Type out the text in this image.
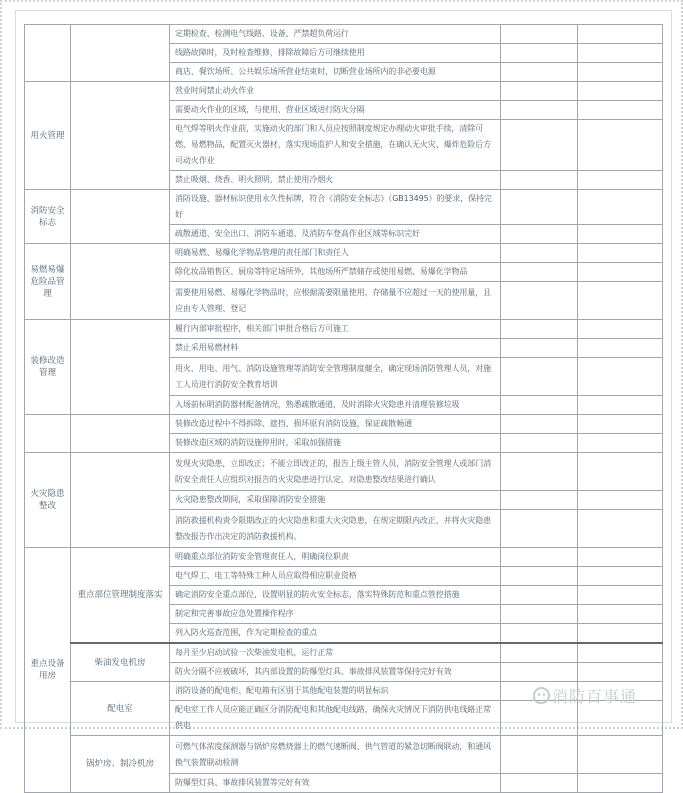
		定期检查、检测电气线路、设备，严禁超负荷运行		
		线路故障时，及时检查维修，排除故障后方可继续使用		
		商店、餐饮场所、公共娱乐场所营业结束时，切断营业场所内的非必要电源		
用火管理		营业时间禁止动火作业		
		需要动火作业的区域，与使用、营业区域进行防火分隔		
		电气焊等明火作业前，实施动火的部门和人员应按照制度规定办理动火审批手续，清除可燃、易燃物品，配置灭火器材，落实现场监护人和安全措施，在确认无火灾、爆炸危险后方可动火作业		
		禁止吸烟、烧香、明火照明，禁止使用冷烟火		
消防安全标志		消防设施、器材标识使用永久性标牌，符合《消防安全标志》（GB13495）的要求，保持完好		
		疏散通道、安全出口、消防车通道、及消防车登高作业区域等标识完好		
易燃易爆危险品管理		明确易燃、易爆化学物品管理的责任部门和责任人		
		除化妆品销售区、厨房等特定场所外，其他场所严禁储存或使用易燃、易爆化学物品		
		需要使用易燃、易爆化学物品时，应根据需要限量使用，存储量不应超过一天的使用量，且应由专人管理、登记		
装修改造管理		履行内部审批程序，相关部门审批合格后方可施工		
		禁止采用易燃材料		
		用火、用电、用气、消防设施管理等消防安全管理制度健全，确定现场消防管理人员，对施工人员进行消防安全教育培训		
		入场前标明消防器材配备情况，熟悉疏散通道，及时消除火灾隐患并清理装修垃圾		
		装修改造过程中不得拆除、遮挡、损坏原有消防设施，保证疏散畅通		
		装修改造区域的消防设施停用时，采取加强措施		
火灾隐患整改		发现火灾隐患，立即改正；不能立即改正的，报告上级主管人员，消防安全管理人或部门消防安全责任人应组织对报告的火灾隐患进行认定，对隐患整改结果进行确认		
		火灾隐患整改期间，采取保障消防安全措施		
		消防救援机构责令限期改正的火灾隐患和重大火灾隐患，在规定期限内改正，并将火灾隐患整改报告作出决定的消防救援机构。		
重点设备用房	重点部位管理制度落实	明确重点部位消防安全管理责任人，明确岗位职责		
		电气焊工、电工等特殊工种人员应取得相应职业资格		
		确定消防安全重点部位，设置明显的防火安全标志，落实特殊防范和重点管控措施		
		制定和完善事故应急处置操作程序		
		列入防火巡查范围，作为定期检查的重点		
	柴油发电机房	每月至少启动试验一次柴油发电机，运行正常		
		防火分隔不应被破坏，其内部设置的防爆型灯具、事故排风装置等保持完好有效		
	配电室	消防设备的配电柜、配电箱有区别于其他配电装置的明显标识		
		配电室工作人员应能正确区分消防配电和其他配电线路，确保火灾情况下消防供电线路正常供电		
	锅炉房、制冷机房	可燃气体浓度探测器与锅炉房燃烧器上的燃气速断阀、供气管道的紧急切断阀联动，和通风换气装置联动检测		
		防爆型灯具、事故排风装置等完好有效		
消防百事通
